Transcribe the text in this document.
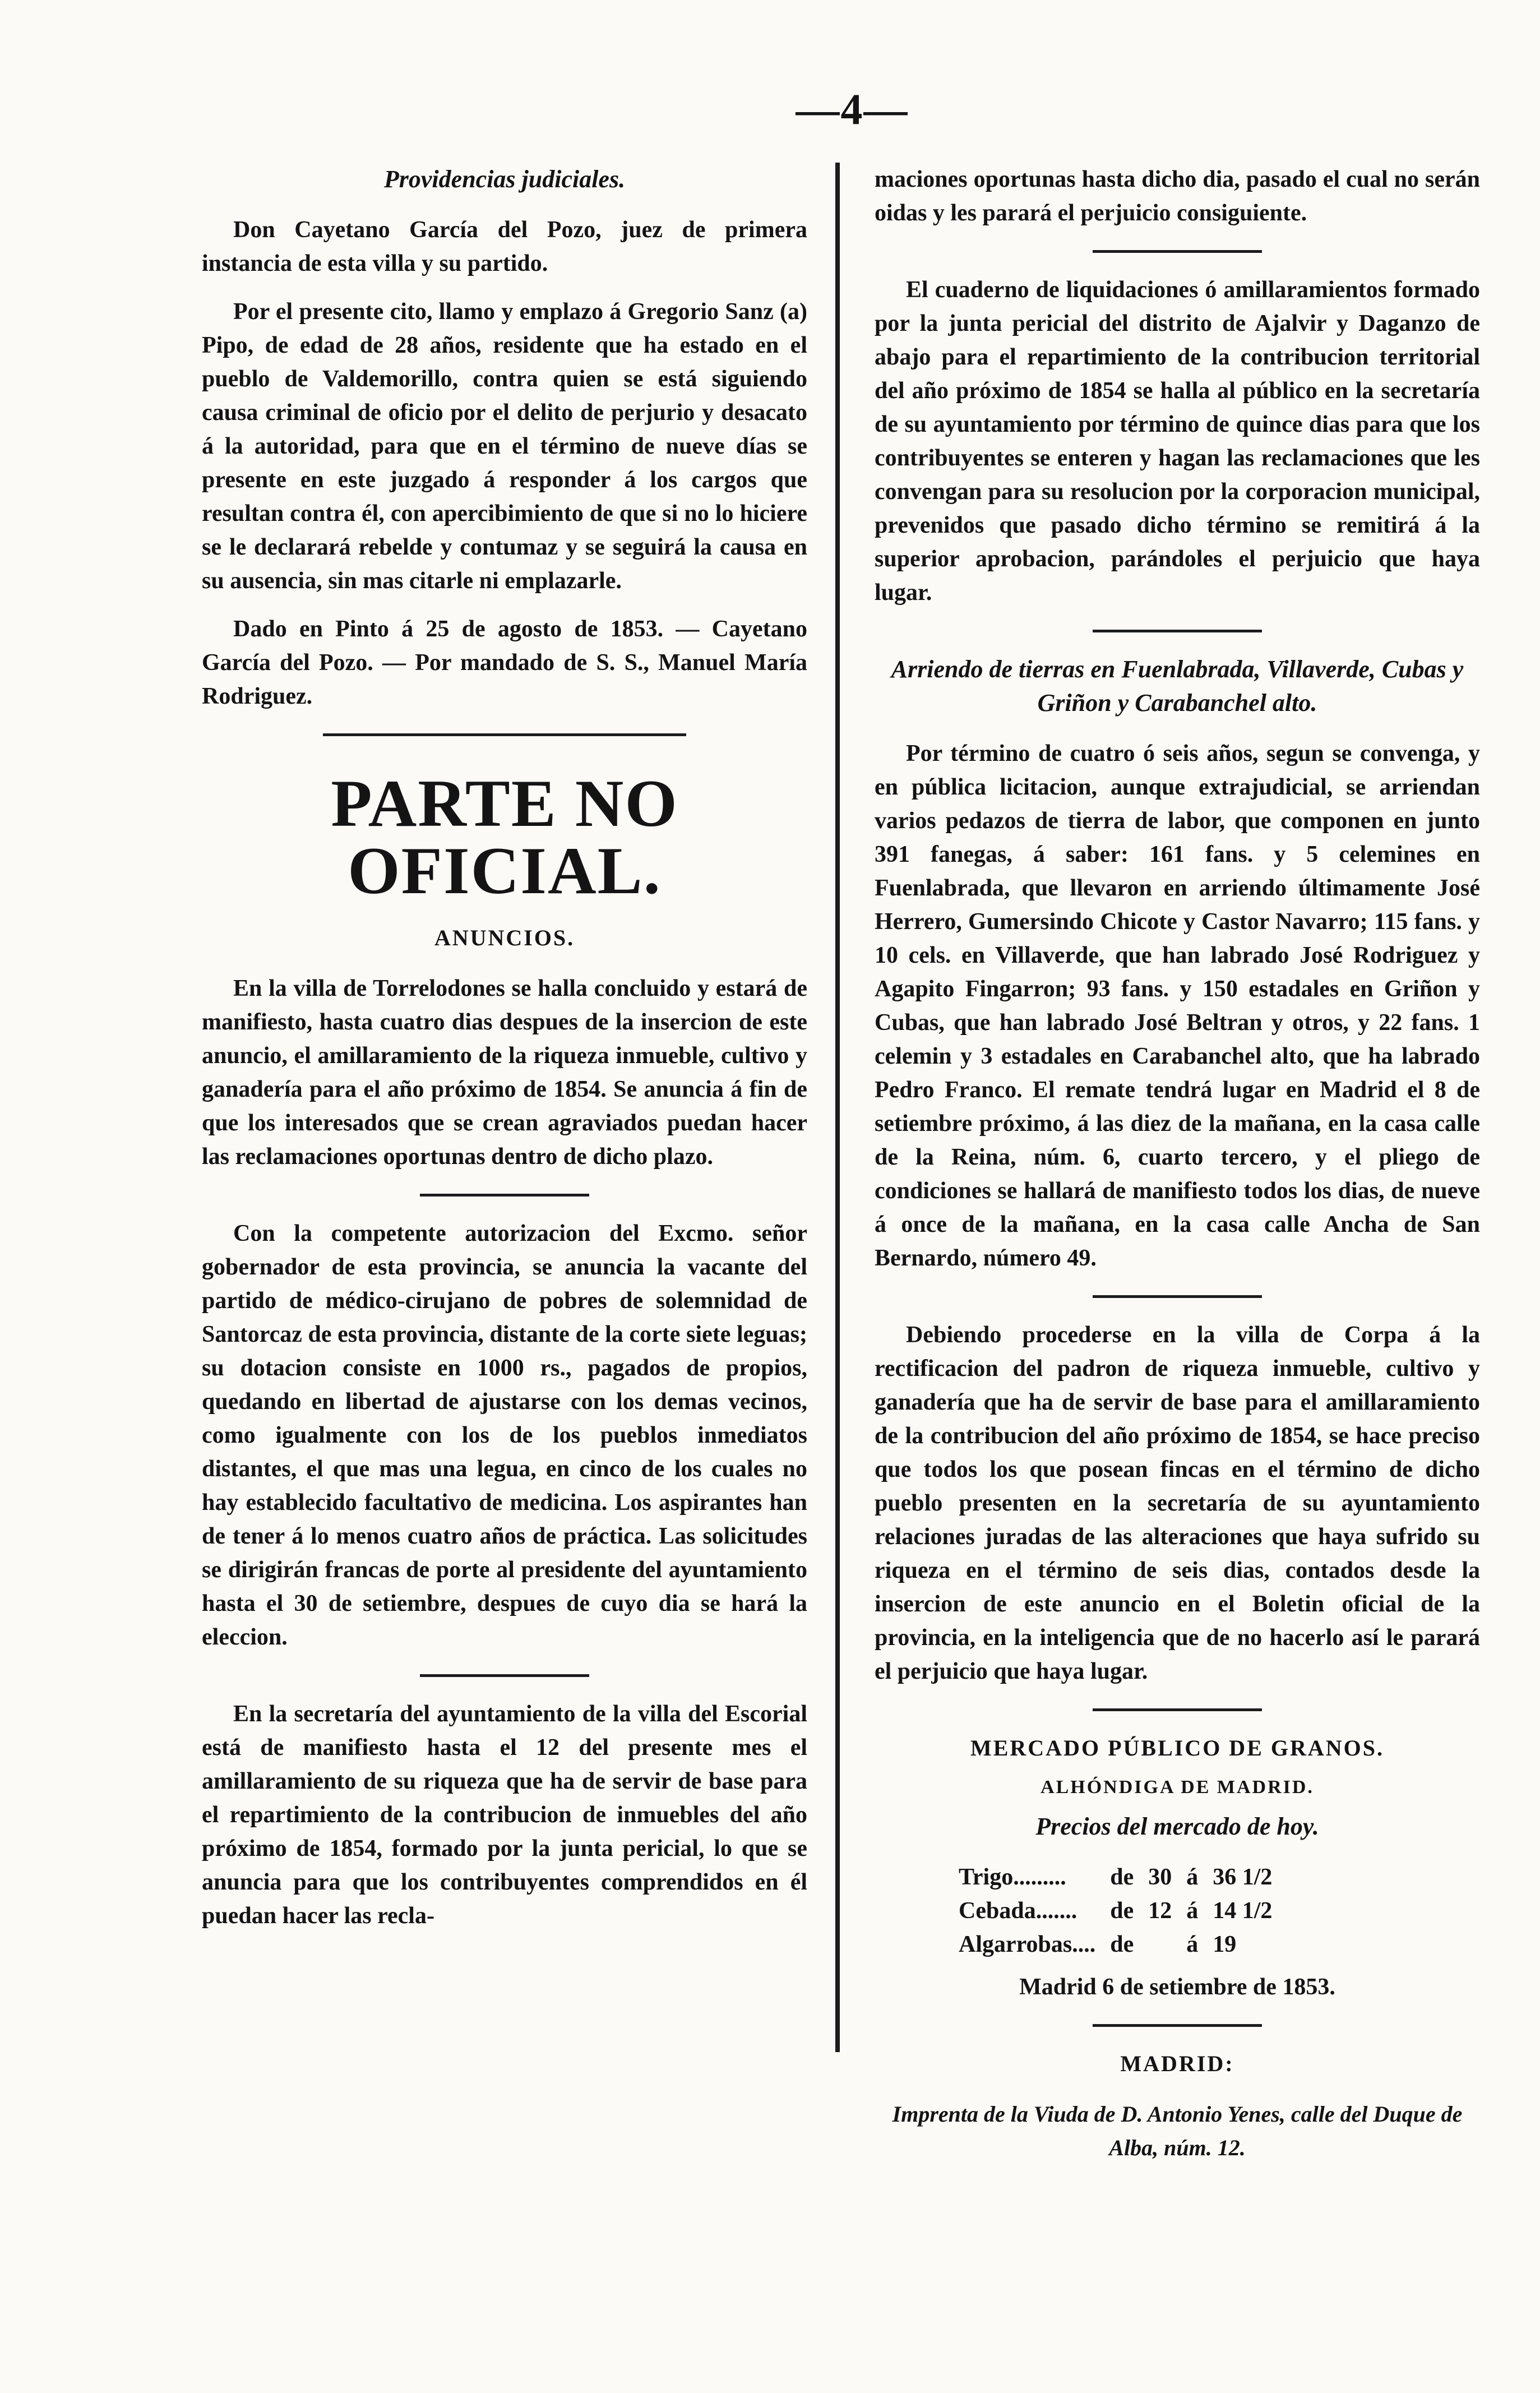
—4—
Providencias judiciales.

Don Cayetano García del Pozo, juez de primera instancia de esta villa y su partido.

Por el presente cito, llamo y emplazo á Gregorio Sanz (a) Pipo, de edad de 28 años, residente que ha estado en el pueblo de Valdemorillo, contra quien se está siguiendo causa criminal de oficio por el delito de perjurio y desacato á la autoridad, para que en el término de nueve días se presente en este juzgado á responder á los cargos que resultan contra él, con apercibimiento de que si no lo hiciere se le declarará rebelde y contumaz y se seguirá la causa en su ausencia, sin mas citarle ni emplazarle.

Dado en Pinto á 25 de agosto de 1853. — Cayetano García del Pozo. — Por mandado de S. S., Manuel María Rodriguez.

PARTE NO OFICIAL.
ANUNCIOS.

En la villa de Torrelodones se halla concluido y estará de manifiesto, hasta cuatro dias despues de la insercion de este anuncio, el amillaramiento de la riqueza inmueble, cultivo y ganadería para el año próximo de 1854. Se anuncia á fin de que los interesados que se crean agraviados puedan hacer las reclamaciones oportunas dentro de dicho plazo.

Con la competente autorizacion del Excmo. señor gobernador de esta provincia, se anuncia la vacante del partido de médico-cirujano de pobres de solemnidad de Santorcaz de esta provincia, distante de la corte siete leguas; su dotacion consiste en 1000 rs., pagados de propios, quedando en libertad de ajustarse con los demas vecinos, como igualmente con los de los pueblos inmediatos distantes, el que mas una legua, en cinco de los cuales no hay establecido facultativo de medicina. Los aspirantes han de tener á lo menos cuatro años de práctica. Las solicitudes se dirigirán francas de porte al presidente del ayuntamiento hasta el 30 de setiembre, despues de cuyo dia se hará la eleccion.

En la secretaría del ayuntamiento de la villa del Escorial está de manifiesto hasta el 12 del presente mes el amillaramiento de su riqueza que ha de servir de base para el repartimiento de la contribucion de inmuebles del año próximo de 1854, formado por la junta pericial, lo que se anuncia para que los contribuyentes comprendidos en él puedan hacer las recla-

maciones oportunas hasta dicho dia, pasado el cual no serán oidas y les parará el perjuicio consiguiente.

El cuaderno de liquidaciones ó amillaramientos formado por la junta pericial del distrito de Ajalvir y Daganzo de abajo para el repartimiento de la contribucion territorial del año próximo de 1854 se halla al público en la secretaría de su ayuntamiento por término de quince dias para que los contribuyentes se enteren y hagan las reclamaciones que les convengan para su resolucion por la corporacion municipal, prevenidos que pasado dicho término se remitirá á la superior aprobacion, parándoles el perjuicio que haya lugar.

Arriendo de tierras en Fuenlabrada, Villaverde, Cubas y Griñon y Carabanchel alto.

Por término de cuatro ó seis años, segun se convenga, y en pública licitacion, aunque extrajudicial, se arriendan varios pedazos de tierra de labor, que componen en junto 391 fanegas, á saber: 161 fans. y 5 celemines en Fuenlabrada, que llevaron en arriendo últimamente José Herrero, Gumersindo Chicote y Castor Navarro; 115 fans. y 10 cels. en Villaverde, que han labrado José Rodriguez y Agapito Fingarron; 93 fans. y 150 estadales en Griñon y Cubas, que han labrado José Beltran y otros, y 22 fans. 1 celemin y 3 estadales en Carabanchel alto, que ha labrado Pedro Franco. El remate tendrá lugar en Madrid el 8 de setiembre próximo, á las diez de la mañana, en la casa calle de la Reina, núm. 6, cuarto tercero, y el pliego de condiciones se hallará de manifiesto todos los dias, de nueve á once de la mañana, en la casa calle Ancha de San Bernardo, número 49.

Debiendo procederse en la villa de Corpa á la rectificacion del padron de riqueza inmueble, cultivo y ganadería que ha de servir de base para el amillaramiento de la contribucion del año próximo de 1854, se hace preciso que todos los que posean fincas en el término de dicho pueblo presenten en la secretaría de su ayuntamiento relaciones juradas de las alteraciones que haya sufrido su riqueza en el término de seis dias, contados desde la insercion de este anuncio en el Boletin oficial de la provincia, en la inteligencia que de no hacerlo así le parará el perjuicio que haya lugar.

MERCADO PÚBLICO DE GRANOS.
ALHÓNDIGA DE MADRID.
Precios del mercado de hoy.
Trigo.........	de	30	á	36 1/2
Cebada.......	de	12	á	14 1/2
Algarrobas....	de		á	19

Madrid 6 de setiembre de 1853.

MADRID:
Imprenta de la Viuda de D. Antonio Yenes, calle del Duque de Alba, núm. 12.
